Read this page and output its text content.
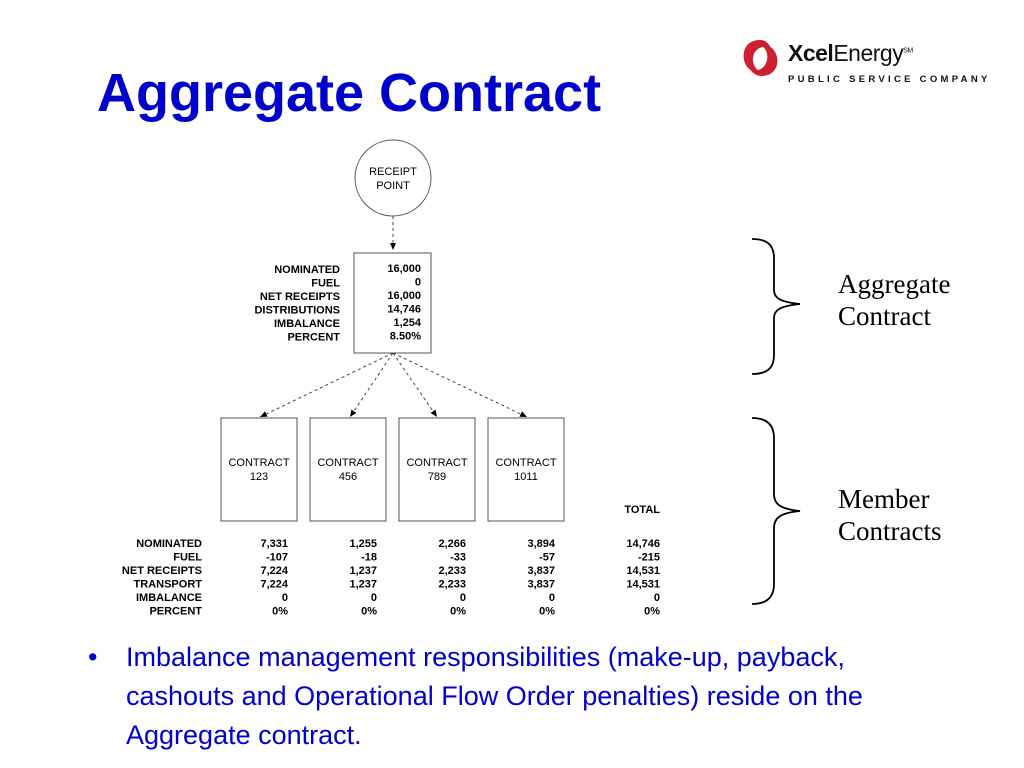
Aggregate Contract
XcelEnergy℠
PUBLIC SERVICE COMPANY
RECEIPT
POINT
NOMINATED
FUEL
NET RECEIPTS
DISTRIBUTIONS
IMBALANCE
PERCENT
16,000
0
16,000
14,746
1,254
8.50%
CONTRACT
123
CONTRACT
456
CONTRACT
789
CONTRACT
1011
TOTAL
NOMINATED
FUEL
NET RECEIPTS
TRANSPORT
IMBALANCE
PERCENT
7,331
-107
7,224
7,224
0
0%
1,255
-18
1,237
1,237
0
0%
2,266
-33
2,233
2,233
0
0%
3,894
-57
3,837
3,837
0
0%
14,746
-215
14,531
14,531
0
0%
Aggregate
Contract
Member
Contracts
• Imbalance management responsibilities (make-up, payback, cashouts and Operational Flow Order penalties) reside on the Aggregate contract.
